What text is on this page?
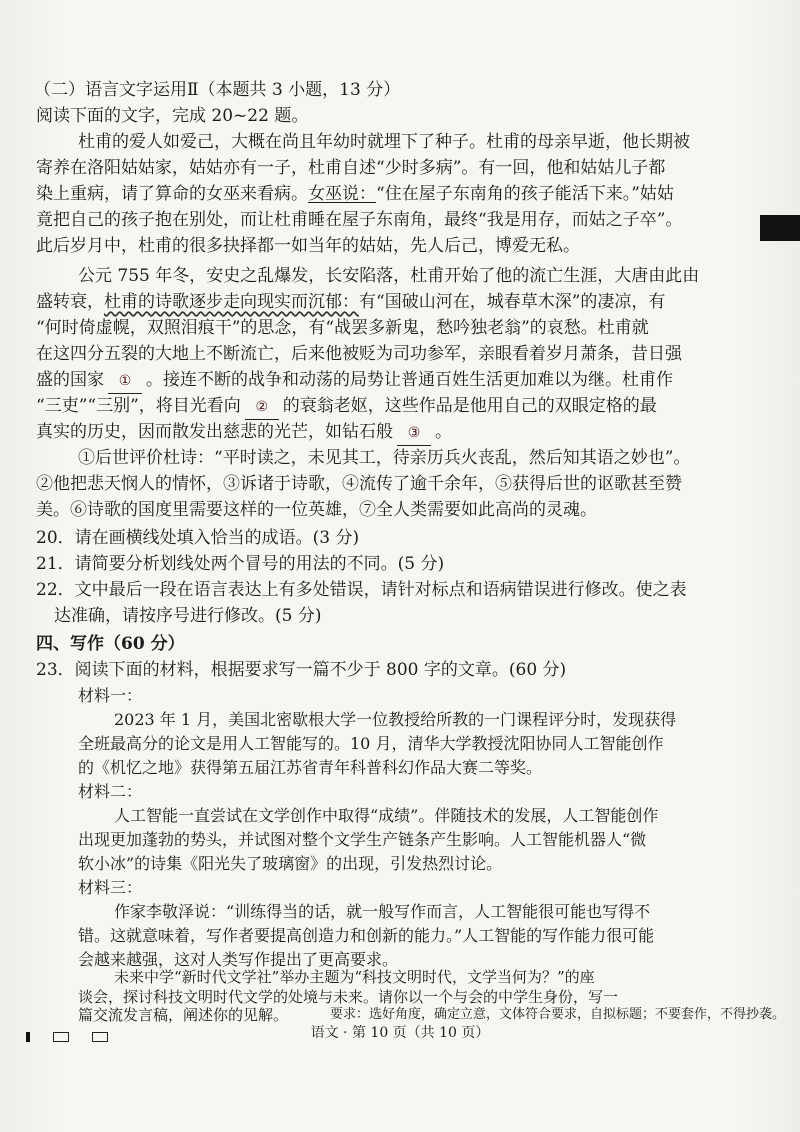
（二）语言文字运用Ⅱ（本题共 3 小题，13 分）
阅读下面的文字，完成 20~22 题。
杜甫的爱人如爱己，大概在尚且年幼时就埋下了种子。杜甫的母亲早逝，他长期被
寄养在洛阳姑姑家，姑姑亦有一子，杜甫自述“少时多病”。有一回，他和姑姑儿子都
染上重病，请了算命的女巫来看病。女巫说：“住在屋子东南角的孩子能活下来。”姑姑
竟把自己的孩子抱在别处，而让杜甫睡在屋子东南角，最终“我是用存，而姑之子卒”。
此后岁月中，杜甫的很多抉择都一如当年的姑姑，先人后己，博爱无私。
公元 755 年冬，安史之乱爆发，长安陷落，杜甫开始了他的流亡生涯，大唐由此由
盛转衰，杜甫的诗歌逐步走向现实而沉郁：有“国破山河在，城春草木深”的凄凉，有
“何时倚虚幌，双照泪痕干”的思念，有“战罢多新鬼，愁吟独老翁”的哀愁。杜甫就
在这四分五裂的大地上不断流亡，后来他被贬为司功参军，亲眼看着岁月萧条，昔日强
盛的国家 ① 。接连不断的战争和动荡的局势让普通百姓生活更加难以为继。杜甫作
“三吏”“三别”，将目光看向 ② 的衰翁老妪，这些作品是他用自己的双眼定格的最
真实的历史，因而散发出慈悲的光芒，如钻石般 ③ 。
①后世评价杜诗：“平时读之，未见其工，待亲历兵火丧乱，然后知其语之妙也”。
②他把悲天悯人的情怀，③诉诸于诗歌，④流传了逾千余年，⑤获得后世的讴歌甚至赞
美。⑥诗歌的国度里需要这样的一位英雄，⑦全人类需要如此高尚的灵魂。
20．请在画横线处填入恰当的成语。(3 分)
21．请简要分析划线处两个冒号的用法的不同。(5 分)
22．文中最后一段在语言表达上有多处错误，请针对标点和语病错误进行修改。使之表
达准确，请按序号进行修改。(5 分)
四、写作（60 分）
23．阅读下面的材料，根据要求写一篇不少于 800 字的文章。(60 分)
材料一：
2023 年 1 月，美国北密歇根大学一位教授给所教的一门课程评分时，发现获得
全班最高分的论文是用人工智能写的。10 月，清华大学教授沈阳协同人工智能创作
的《机忆之地》获得第五届江苏省青年科普科幻作品大赛二等奖。
材料二：
人工智能一直尝试在文学创作中取得“成绩”。伴随技术的发展，人工智能创作
出现更加蓬勃的势头，并试图对整个文学生产链条产生影响。人工智能机器人“微
软小冰”的诗集《阳光失了玻璃窗》的出现，引发热烈讨论。
材料三：
作家李敬泽说：“训练得当的话，就一般写作而言，人工智能很可能也写得不
错。这就意味着，写作者要提高创造力和创新的能力。”人工智能的写作能力很可能
会越来越强，这对人类写作提出了更高要求。
未来中学“新时代文学社”举办主题为“科技文明时代，文学当何为？”的座
谈会，探讨科技文明时代文学的处境与未来。请你以一个与会的中学生身份，写一
篇交流发言稿，阐述你的见解。	要求：选好角度，确定立意，文体符合要求，自拟标题；不要套作，不得抄袭。

语文 · 第 10 页（共 10 页）
